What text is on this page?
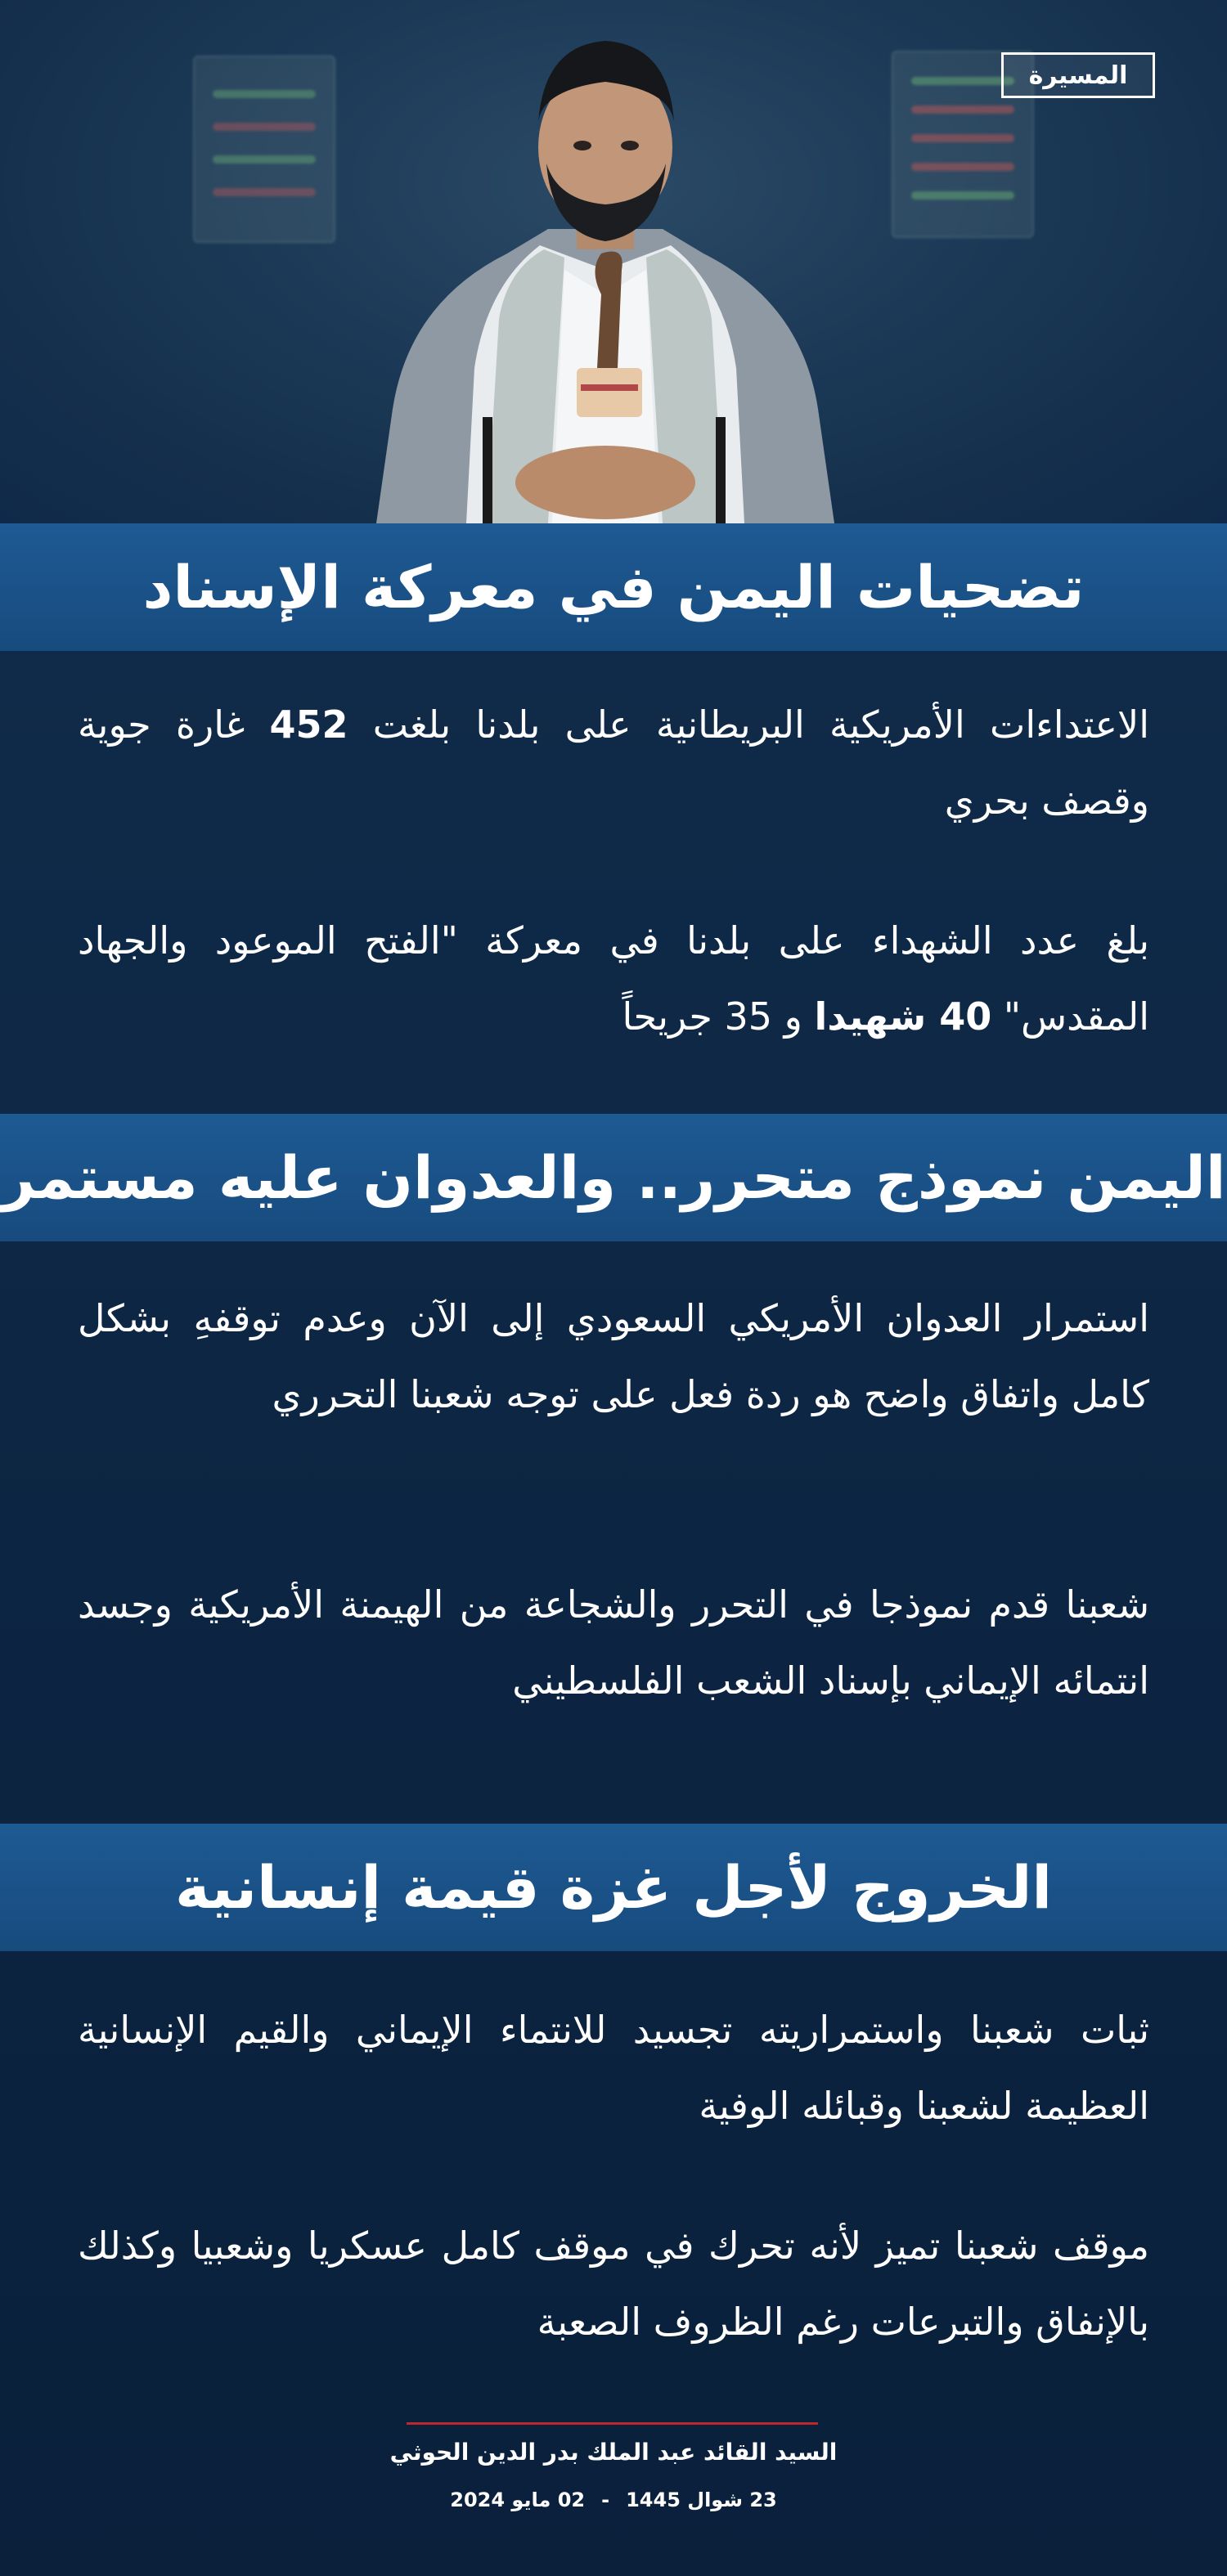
المسيرة
تضحيات اليمن في معركة الإسناد

الاعتداءات الأمريكية البريطانية على بلدنا بلغت 452 غارة جوية وقصف بحري

بلغ عدد الشهداء على بلدنا في معركة "الفتح الموعود والجهاد المقدس" 40 شهيدا و 35 جريحاً

اليمن نموذج متحرر.. والعدوان عليه مستمر

استمرار العدوان الأمريكي السعودي إلى الآن وعدم توقفهِ بشكل كامل واتفاق واضح هو ردة فعل على توجه شعبنا التحرري

شعبنا قدم نموذجا في التحرر والشجاعة من الهيمنة الأمريكية وجسد انتمائه الإيماني بإسناد الشعب الفلسطيني

الخروج لأجل غزة قيمة إنسانية

ثبات شعبنا واستمراريته تجسيد للانتماء الإيماني والقيم الإنسانية العظيمة لشعبنا وقبائله الوفية

موقف شعبنا تميز لأنه تحرك في موقف كامل عسكريا وشعبيا وكذلك بالإنفاق والتبرعات رغم الظروف الصعبة

السيد القائد عبد الملك بدر الدين الحوثي
23 شوال 1445-02 مايو 2024
